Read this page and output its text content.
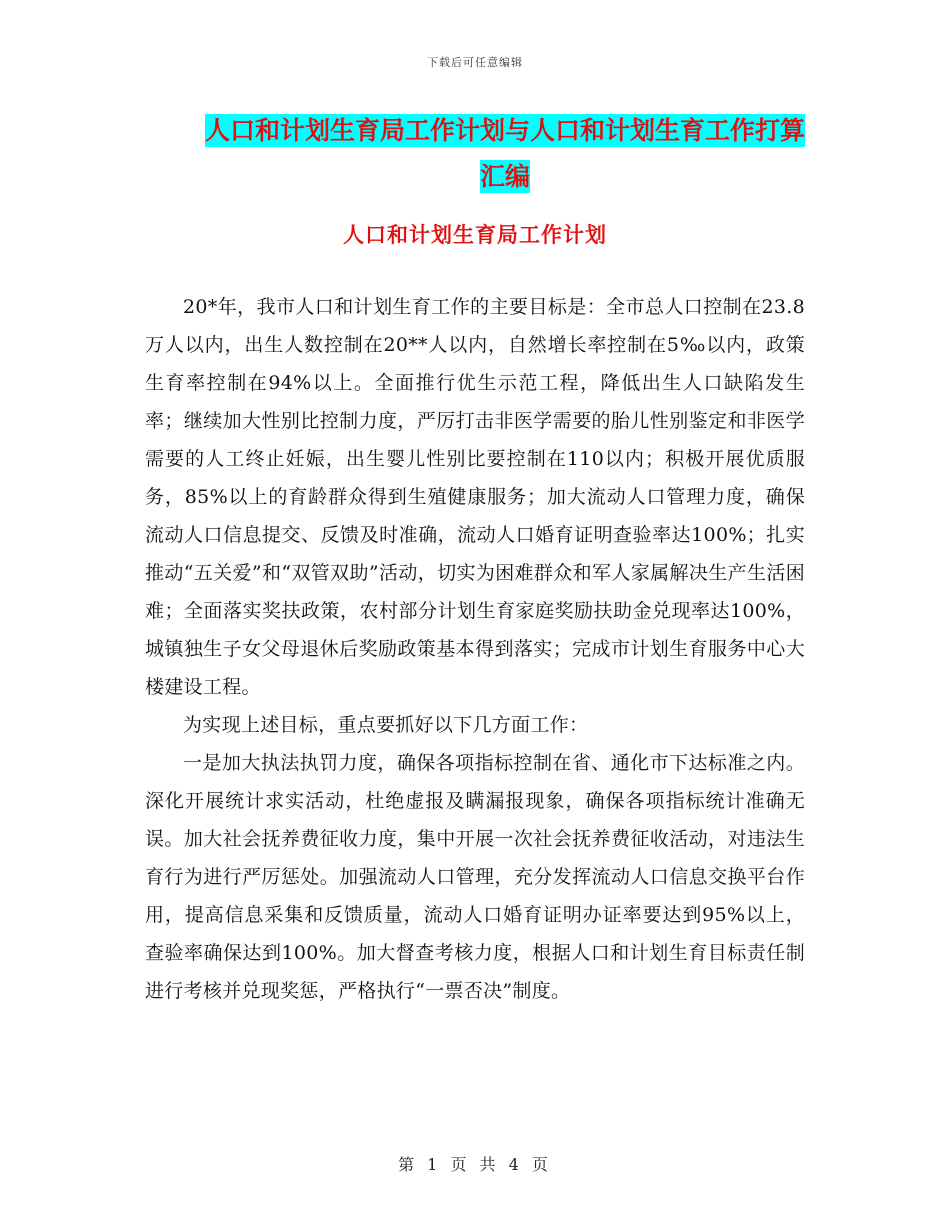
下载后可任意编辑
人口和计划生育局工作计划与人口和计划生育工作打算汇编
人口和计划生育局工作计划

20*年，我市人口和计划生育工作的主要目标是：全市总人口控制在23.8万人以内，出生人数控制在20**人以内，自然增长率控制在5‰以内，政策生育率控制在94%以上。全面推行优生示范工程，降低出生人口缺陷发生率；继续加大性别比控制力度，严厉打击非医学需要的胎儿性别鉴定和非医学需要的人工终止妊娠，出生婴儿性别比要控制在110以内；积极开展优质服务，85%以上的育龄群众得到生殖健康服务；加大流动人口管理力度，确保流动人口信息提交、反馈及时准确，流动人口婚育证明查验率达100%；扎实推动“五关爱”和“双管双助”活动，切实为困难群众和军人家属解决生产生活困难；全面落实奖扶政策，农村部分计划生育家庭奖励扶助金兑现率达100%，城镇独生子女父母退休后奖励政策基本得到落实；完成市计划生育服务中心大楼建设工程。

为实现上述目标，重点要抓好以下几方面工作：

一是加大执法执罚力度，确保各项指标控制在省、通化市下达标准之内。深化开展统计求实活动，杜绝虚报及瞒漏报现象，确保各项指标统计准确无误。加大社会抚养费征收力度，集中开展一次社会抚养费征收活动，对违法生育行为进行严厉惩处。加强流动人口管理，充分发挥流动人口信息交换平台作用，提高信息采集和反馈质量，流动人口婚育证明办证率要达到95%以上，查验率确保达到100%。加大督查考核力度，根据人口和计划生育目标责任制进行考核并兑现奖惩，严格执行“一票否决”制度。

第 1 页 共 4 页
